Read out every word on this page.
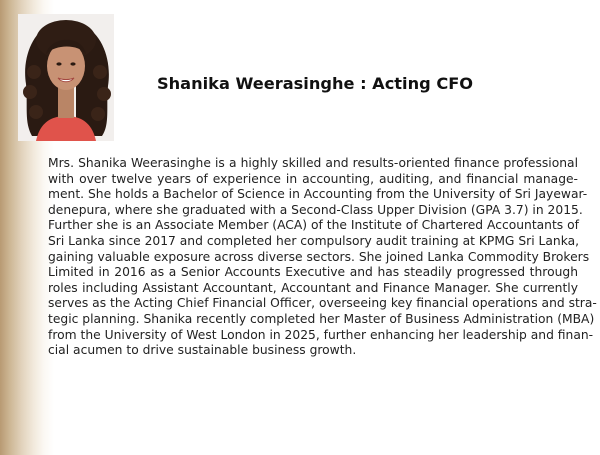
Shanika Weerasinghe : Acting CFO
Mrs. Shanika Weerasinghe is a highly skilled and results-oriented finance professional
with over twelve years of experience in accounting, auditing, and financial manage-
ment. She holds a Bachelor of Science in Accounting from the University of Sri Jayewar-
denepura, where she graduated with a Second-Class Upper Division (GPA 3.7) in 2015.
Further she is an Associate Member (ACA) of the Institute of Chartered Accountants of
Sri Lanka since 2017 and completed her compulsory audit training at KPMG Sri Lanka,
gaining valuable exposure across diverse sectors. She joined Lanka Commodity Brokers
Limited in 2016 as a Senior Accounts Executive and has steadily progressed through
roles including Assistant Accountant, Accountant and Finance Manager. She currently
serves as the Acting Chief Financial Officer, overseeing key financial operations and stra-
tegic planning. Shanika recently completed her Master of Business Administration (MBA)
from the University of West London in 2025, further enhancing her leadership and finan-
cial acumen to drive sustainable business growth.
